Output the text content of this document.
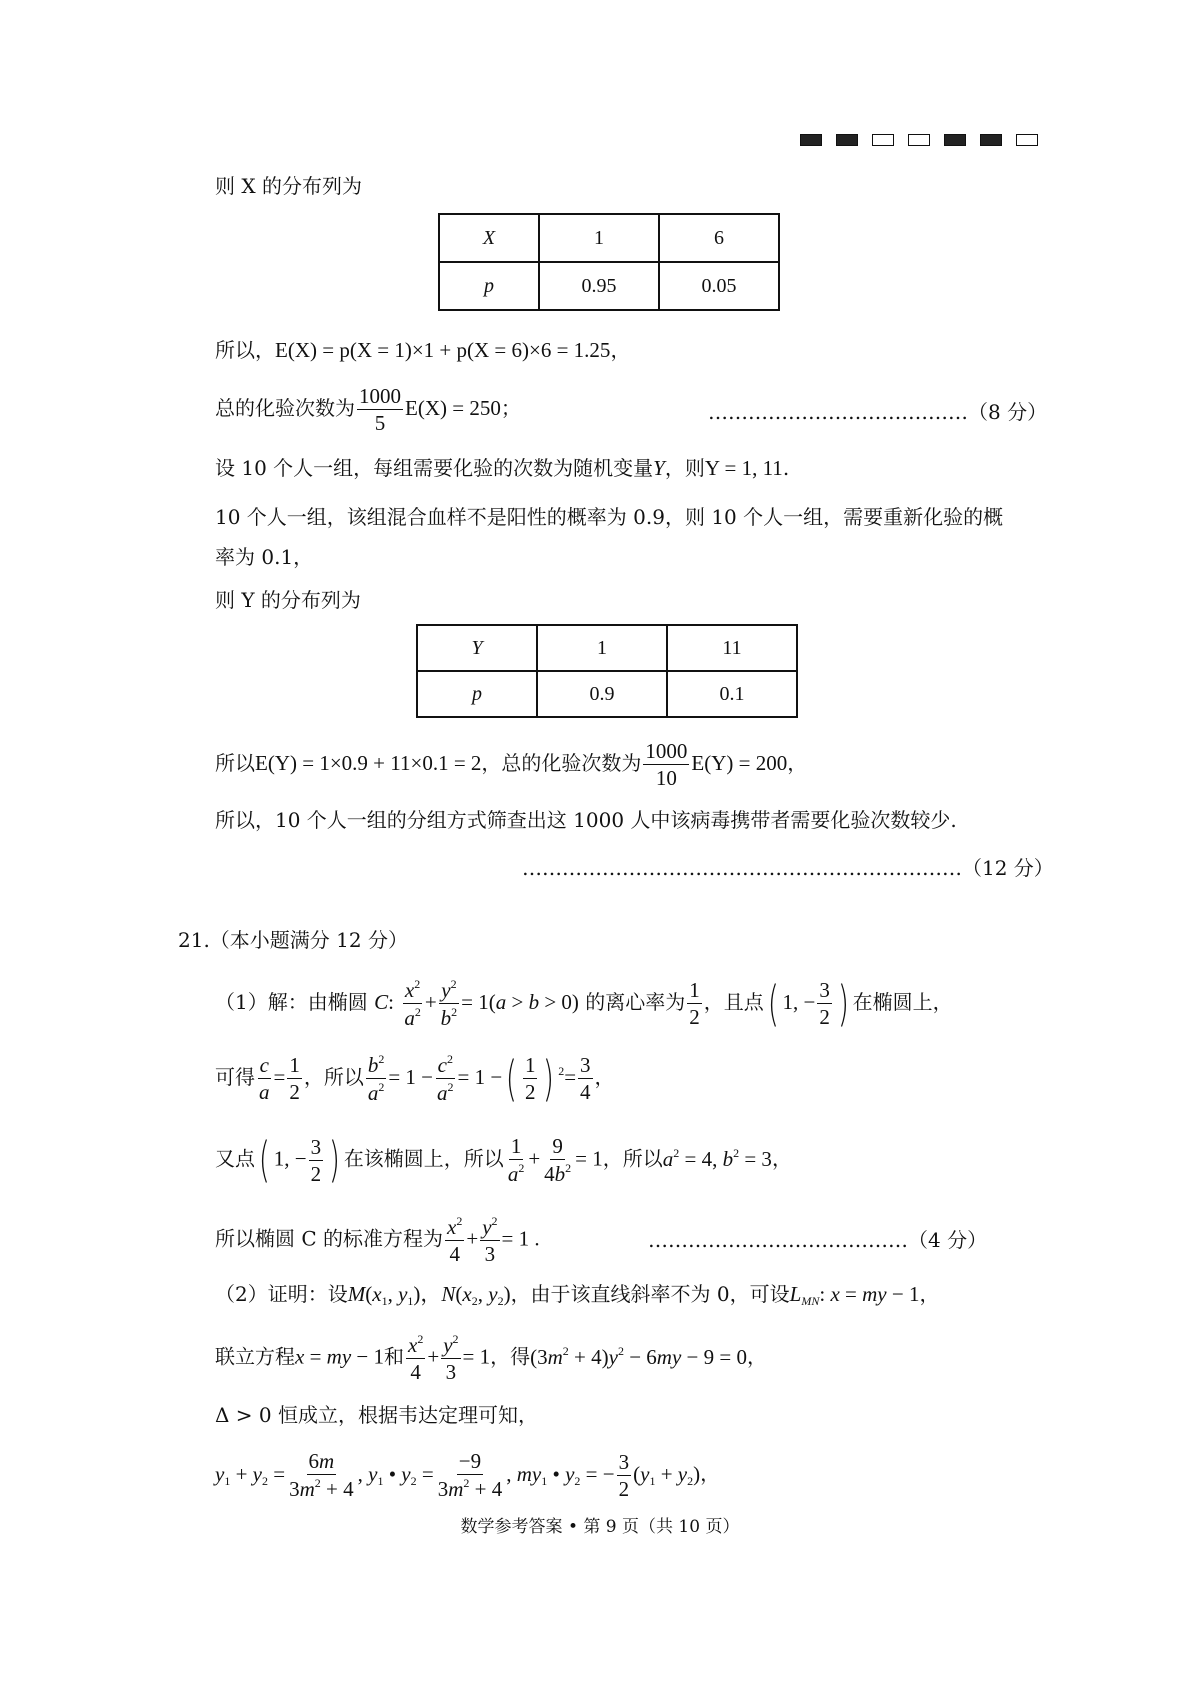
则 X 的分布列为
X	1	6
p	0.95	0.05
所以，E(X) = p(X = 1)×1 + p(X = 6)×6 = 1.25，
总的化验次数为 $\frac{1000}{5} E(X) = 250$；	…………………………………（8 分）
设 10 个人一组，每组需要化验的次数为随机变量Y，则Y = 1, 11.
10 个人一组，该组混合血样不是阳性的概率为 0.9，则 10 个人一组，需要重新化验的概
率为 0.1，
则 Y 的分布列为
Y	1	11
p	0.9	0.1
所以E(Y) = 1×0.9 + 11×0.1 = 2，总的化验次数为 $\frac{1000}{10} E(Y) = 200$，
所以，10 个人一组的分组方式筛查出这 1000 人中该病毒携带者需要化验次数较少.
…………………………………………………………（12 分）
21.（本小题满分 12 分）
（1）解：由椭圆 C: $\frac{x^2}{a^2} + \frac{y^2}{b^2} = 1(a > b > 0)$ 的离心率为 $\frac{1}{2}$ ，且点( 1, − $\frac{3}{2}$ ) 在椭圆上，
可得 $\frac{c}{a} = \frac{1}{2}$ ，所以 $\frac{b^2}{a^2} = 1 - \frac{c^2}{a^2} = 1$ −( $\frac{1}{2}$ ) $^2= \frac{3}{4}$ ，
又点( 1, − $\frac{3}{2}$ ) 在该椭圆上，所以 $\frac{1}{a^2} + \frac{9}{4b^2} = 1$，所以$a^2 = 4$, $b^2 = 3$，
所以椭圆 C 的标准方程为 $\frac{x^2}{4} + \frac{y^2}{3} = 1$ .	…………………………………（4 分）
（2）证明：设M(x1, y1)，N(x2, y2)，由于该直线斜率不为 0，可设LMN: x = my − 1，
联立方程x = my − 1和 $\frac{x^2}{4} + \frac{y^2}{3} = 1$，得$(3m^2 + 4)y^2 - 6my - 9 = 0$，
Δ > 0 恒成立，根据韦达定理可知，
$y1 + y2 = \frac{6m}{3m^2 + 4}$ , y1 • $y2 = \frac{-9}{3m^2 + 4}$ , my1 • y2 = − $\frac{3}{2} (y1 + y2)$，
数学参考答案 • 第 9 页（共 10 页）
